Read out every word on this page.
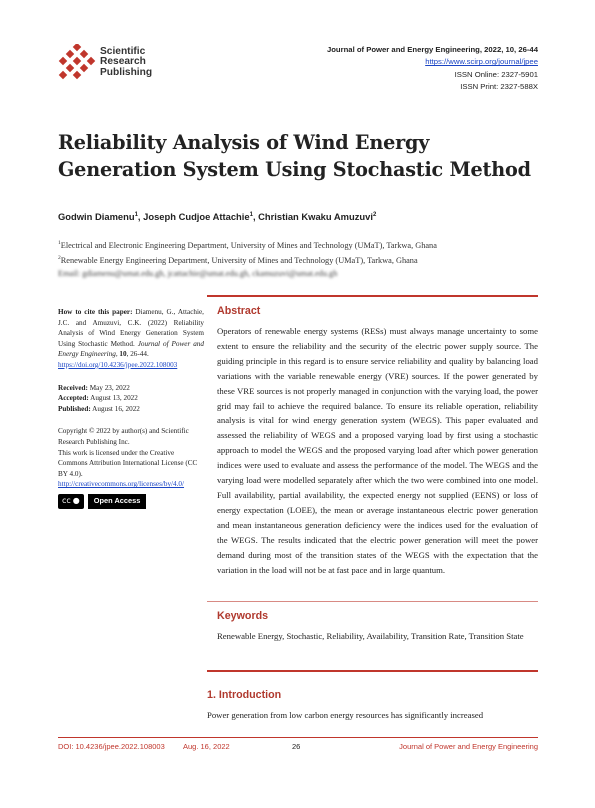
Scientific
Research
Publishing
Journal of Power and Energy Engineering, 2022, 10, 26-44
https://www.scirp.org/journal/jpee
ISSN Online: 2327-5901
ISSN Print: 2327-588X
Reliability Analysis of Wind Energy Generation System Using Stochastic Method
Godwin Diamenu$^1$, Joseph Cudjoe Attachie$^1$, Christian Kwaku Amuzuvi$^2$
$^1$Electrical and Electronic Engineering Department, University of Mines and Technology (UMaT), Tarkwa, Ghana
$^2$Renewable Energy Engineering Department, University of Mines and Technology (UMaT), Tarkwa, Ghana
Email: gdiamenu@umat.edu.gh, jcattachie@umat.edu.gh, ckamuzuvi@umat.edu.gh

How to cite this paper: Diamenu, G., Attachie, J.C. and Amuzuvi, C.K. (2022) Reliability Analysis of Wind Energy Generation System Using Stochastic Method. Journal of Power and Energy Engineering, 10, 26-44.
https://doi.org/10.4236/jpee.2022.108003

Received: May 23, 2022

Accepted: August 13, 2022

Published: August 16, 2022

Copyright © 2022 by author(s) and Scientific Research Publishing Inc.

This work is licensed under the Creative Commons Attribution International License (CC BY 4.0).

http://creativecommons.org/licenses/by/4.0/

cc ●	Open Access
Abstract

Operators of renewable energy systems (RESs) must always manage uncertainty to some extent to ensure the reliability and the security of the electric power supply source. The guiding principle in this regard is to ensure service reliability and quality by balancing load variations with the variable renewable energy (VRE) sources. If the power generated by these VRE sources is not properly managed in conjunction with the varying load, the power grid may fail to achieve the required balance. To ensure its reliable operation, reliability analysis is vital for wind energy generation system (WEGS). This paper evaluated and assessed the reliability of WEGS and a proposed varying load by first using a stochastic approach to model the WEGS and the proposed varying load after which power generation indices were used to evaluate and assess the performance of the model. The WEGS and the varying load were modelled separately after which the two were combined into one model. Full availability, partial availability, the expected energy not supplied (EENS) or loss of energy expectation (LOEE), the mean or average instantaneous electric power generation and mean instantaneous generation deficiency were the indices used for the evaluation of the WEGS. The results indicated that the electric power generation will meet the power demand during most of the transition states of the WEGS with the expectation that the variation in the load will not be at fast pace and in large quantum.

Keywords
Renewable Energy, Stochastic, Reliability, Availability, Transition Rate, Transition State
1. Introduction
Power generation from low carbon energy resources has significantly increased
DOI: 10.4236/jpee.2022.108003 Aug. 16, 2022	26	Journal of Power and Energy Engineering
